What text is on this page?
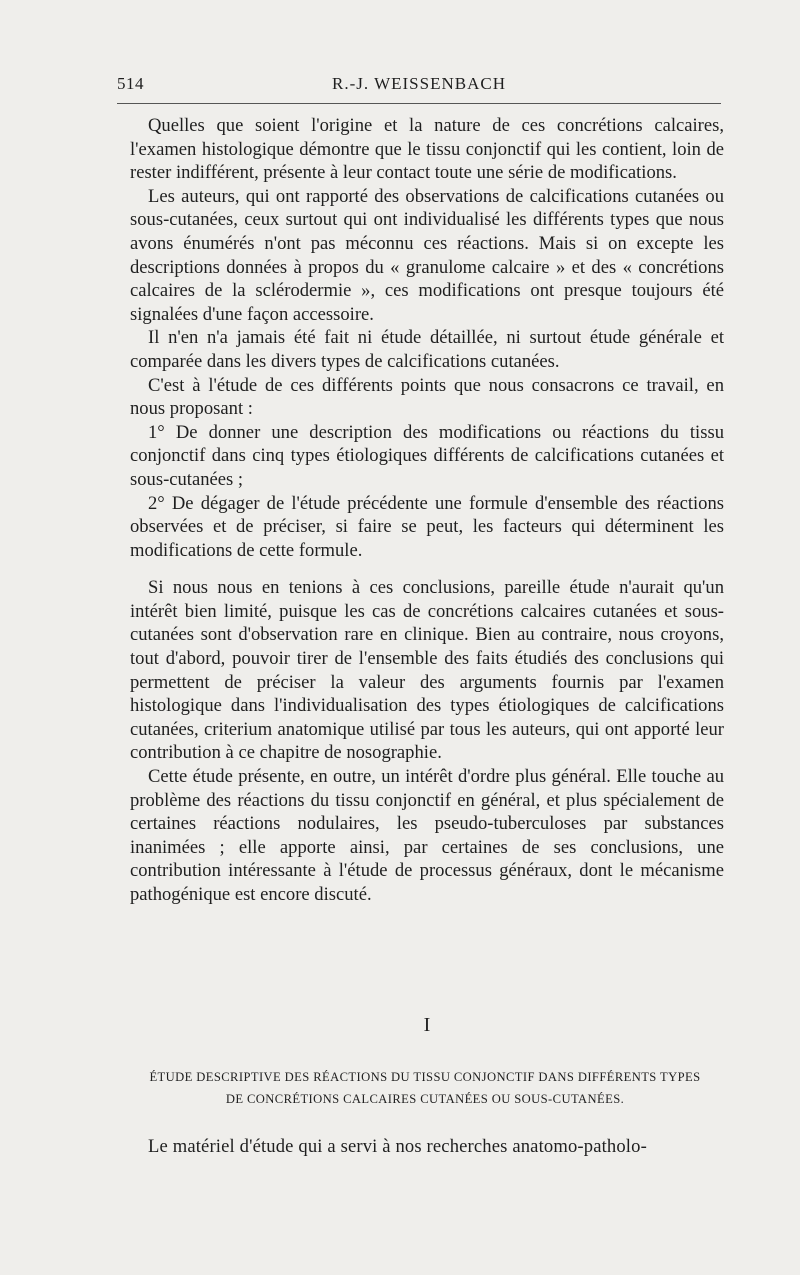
514	R.-J. WEISSENBACH

Quelles que soient l'origine et la nature de ces concrétions calcaires, l'examen histologique démontre que le tissu conjonctif qui les contient, loin de rester indifférent, présente à leur contact toute une série de modifications.

Les auteurs, qui ont rapporté des observations de calcifications cutanées ou sous-cutanées, ceux surtout qui ont individualisé les différents types que nous avons énumérés n'ont pas méconnu ces réactions. Mais si on excepte les descriptions données à propos du « granulome calcaire » et des « concrétions calcaires de la sclérodermie », ces modifications ont presque toujours été signalées d'une façon accessoire.

Il n'en n'a jamais été fait ni étude détaillée, ni surtout étude générale et comparée dans les divers types de calcifications cutanées.

C'est à l'étude de ces différents points que nous consacrons ce travail, en nous proposant :

1° De donner une description des modifications ou réactions du tissu conjonctif dans cinq types étiologiques différents de calcifications cutanées et sous-cutanées ;

2° De dégager de l'étude précédente une formule d'ensemble des réactions observées et de préciser, si faire se peut, les facteurs qui déterminent les modifications de cette formule.

Si nous nous en tenions à ces conclusions, pareille étude n'aurait qu'un intérêt bien limité, puisque les cas de concrétions calcaires cutanées et sous-cutanées sont d'observation rare en clinique. Bien au contraire, nous croyons, tout d'abord, pouvoir tirer de l'ensemble des faits étudiés des conclusions qui permettent de préciser la valeur des arguments fournis par l'examen histologique dans l'individualisation des types étiologiques de calcifications cutanées, criterium anatomique utilisé par tous les auteurs, qui ont apporté leur contribution à ce chapitre de nosographie.

Cette étude présente, en outre, un intérêt d'ordre plus général. Elle touche au problème des réactions du tissu conjonctif en général, et plus spécialement de certaines réactions nodulaires, les pseudo-tuberculoses par substances inanimées ; elle apporte ainsi, par certaines de ses conclusions, une contribution intéressante à l'étude de processus généraux, dont le mécanisme pathogénique est encore discuté.

I
ÉTUDE DESCRIPTIVE DES RÉACTIONS DU TISSU CONJONCTIF DANS DIFFÉRENTS TYPES
DE CONCRÉTIONS CALCAIRES CUTANÉES OU SOUS-CUTANÉES.
Le matériel d'étude qui a servi à nos recherches anatomo-patholo-
